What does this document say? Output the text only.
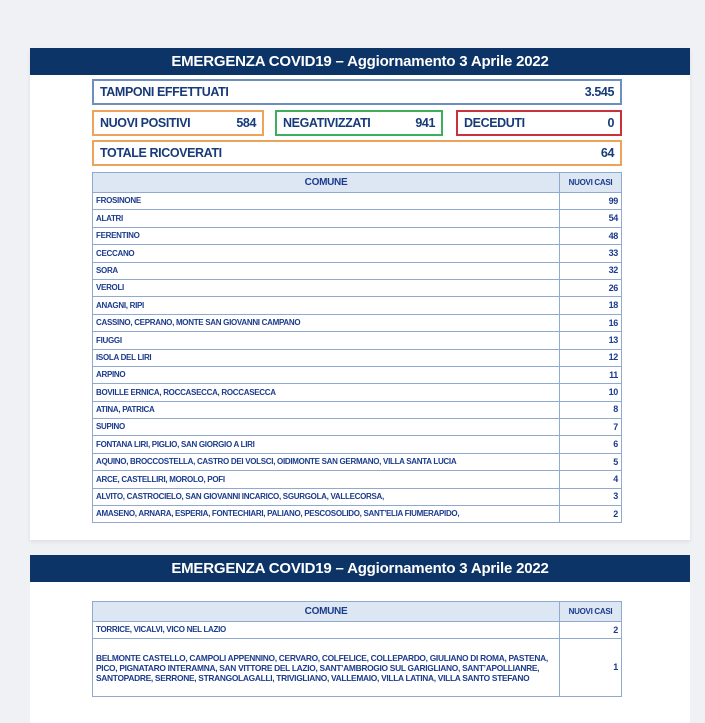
EMERGENZA COVID19 – Aggiornamento 3 Aprile 2022
TAMPONI EFFETTUATI	3.545
NUOVI POSITIVI	584 NEGATIVIZZATI	941 DECEDUTI	0
TOTALE RICOVERATI	64
COMUNE	NUOVI CASI
FROSINONE	99
ALATRI	54
FERENTINO	48
CECCANO	33
SORA	32
VEROLI	26
ANAGNI, RIPI	18
CASSINO, CEPRANO, MONTE SAN GIOVANNI CAMPANO	16
FIUGGI	13
ISOLA DEL LIRI	12
ARPINO	11
BOVILLE ERNICA, ROCCASECCA, ROCCASECCA	10
ATINA, PATRICA	8
SUPINO	7
FONTANA LIRI, PIGLIO, SAN GIORGIO A LIRI	6
AQUINO, BROCCOSTELLA, CASTRO DEI VOLSCI, OIDIMONTE SAN GERMANO, VILLA SANTA LUCIA	5
ARCE, CASTELLIRI, MOROLO, POFI	4
ALVITO, CASTROCIELO, SAN GIOVANNI INCARICO, SGURGOLA, VALLECORSA,	3
AMASENO, ARNARA, ESPERIA, FONTECHIARI, PALIANO, PESCOSOLIDO, SANT’ELIA FIUMERAPIDO,	2
EMERGENZA COVID19 – Aggiornamento 3 Aprile 2022
COMUNE	NUOVI CASI
TORRICE, VICALVI, VICO NEL LAZIO	2
BELMONTE CASTELLO, CAMPOLI APPENNINO, CERVARO, COLFELICE, COLLEPARDO, GIULIANO DI ROMA, PASTENA, PICO, PIGNATARO INTERAMNA, SAN VITTORE DEL LAZIO, SANT’AMBROGIO SUL GARIGLIANO, SANT’APOLLIANRE, SANTOPADRE, SERRONE, STRANGOLAGALLI, TRIVIGLIANO, VALLEMAIO, VILLA LATINA, VILLA SANTO STEFANO	1
